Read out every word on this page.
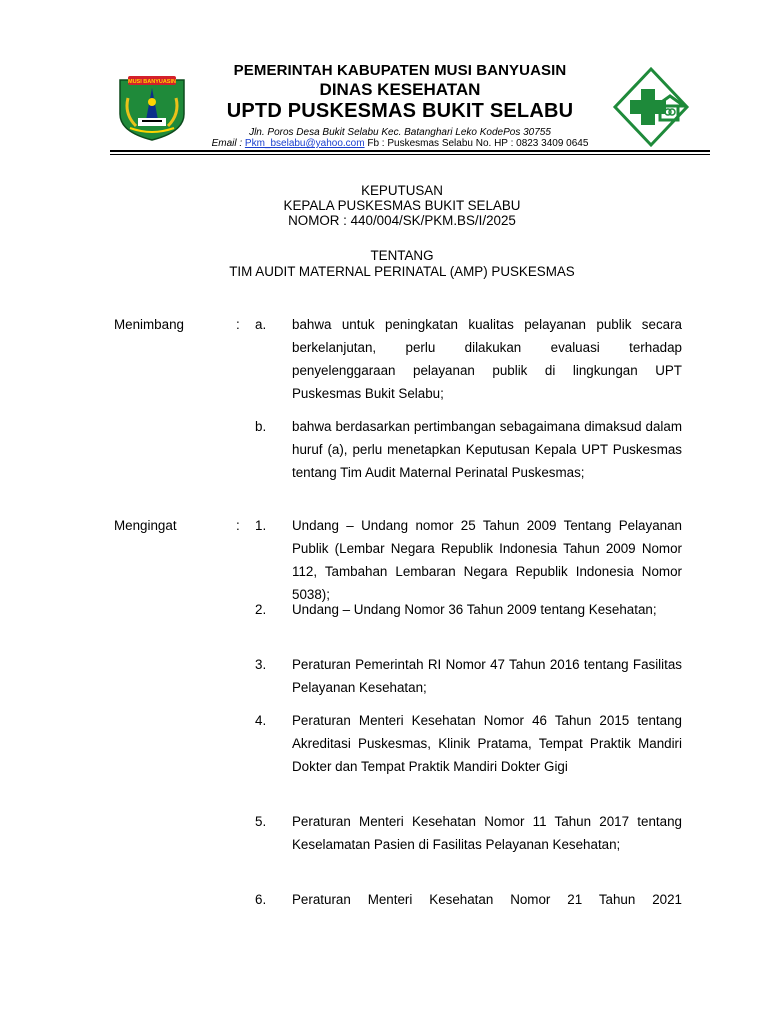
MUSI BANYUASIN
PEMERINTAH KABUPATEN MUSI BANYUASIN
DINAS KESEHATAN
UPTD PUSKESMAS BUKIT SELABU
Jln. Poros Desa Bukit Selabu Kec. Batanghari Leko KodePos 30755
Email : Pkm_bselabu@yahoo.com Fb : Puskesmas Selabu No. HP : 0823 3409 0645
KEPUTUSAN
KEPALA PUSKESMAS BUKIT SELABU
NOMOR : 440/004/SK/PKM.BS/I/2025
TENTANG
TIM AUDIT MATERNAL PERINATAL (AMP) PUSKESMAS
Menimbang	: a. bahwa untuk peningkatan kualitas pelayanan publik secara berkelanjutan, perlu dilakukan evaluasi terhadap penyelenggaraan pelayanan publik di lingkungan UPT Puskesmas Bukit Selabu;
b. bahwa berdasarkan pertimbangan sebagaimana dimaksud dalam huruf (a), perlu menetapkan Keputusan Kepala UPT Puskesmas tentang Tim Audit Maternal Perinatal Puskesmas;
Mengingat	: 1. Undang – Undang nomor 25 Tahun 2009 Tentang Pelayanan Publik (Lembar Negara Republik Indonesia Tahun 2009 Nomor 112, Tambahan Lembaran Negara Republik Indonesia Nomor 5038);
2. Undang – Undang Nomor 36 Tahun 2009 tentang Kesehatan;
3. Peraturan Pemerintah RI Nomor 47 Tahun 2016 tentang Fasilitas Pelayanan Kesehatan;
4. Peraturan Menteri Kesehatan Nomor 46 Tahun 2015 tentang Akreditasi Puskesmas, Klinik Pratama, Tempat Praktik Mandiri Dokter dan Tempat Praktik Mandiri Dokter Gigi
5. Peraturan Menteri Kesehatan Nomor 11 Tahun 2017 tentang Keselamatan Pasien di Fasilitas Pelayanan Kesehatan;
6. Peraturan Menteri Kesehatan Nomor 21 Tahun 2021
